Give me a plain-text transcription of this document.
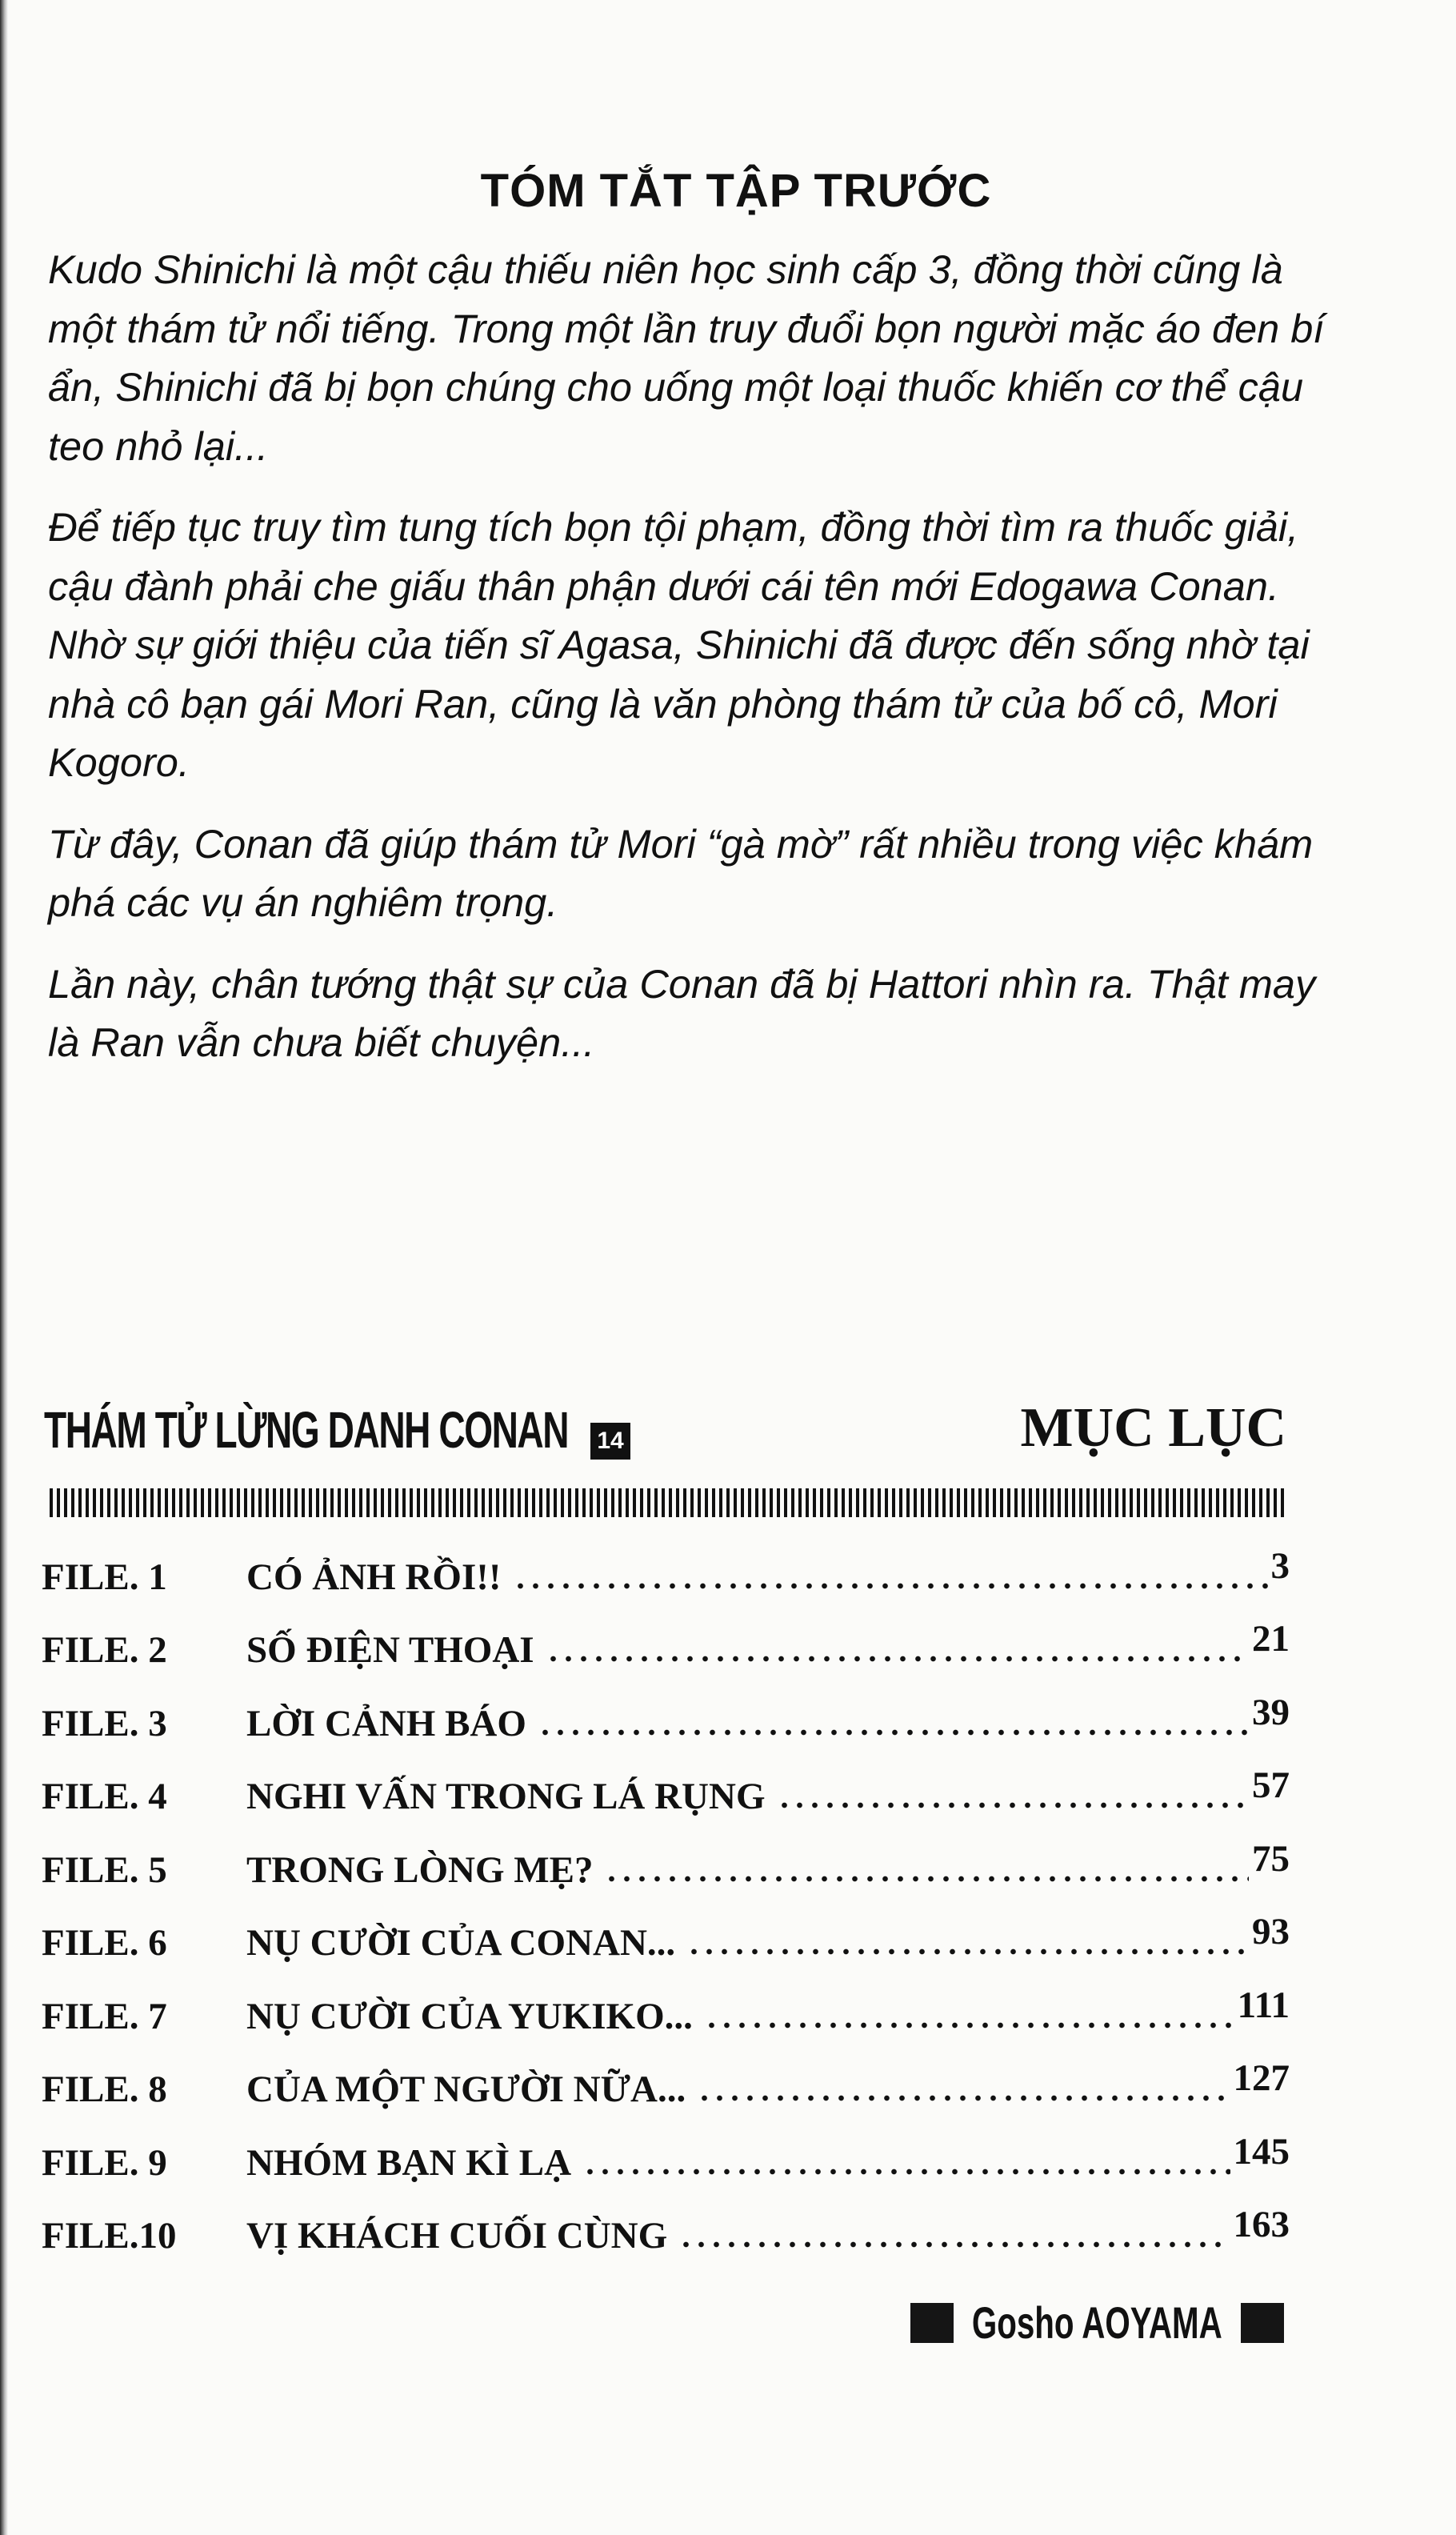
TÓM TẮT TẬP TRƯỚC

Kudo Shinichi là một cậu thiếu niên học sinh cấp 3, đồng thời cũng là một thám tử nổi tiếng. Trong một lần truy đuổi bọn người mặc áo đen bí ẩn, Shinichi đã bị bọn chúng cho uống một loại thuốc khiến cơ thể cậu teo nhỏ lại...

Để tiếp tục truy tìm tung tích bọn tội phạm, đồng thời tìm ra thuốc giải, cậu đành phải che giấu thân phận dưới cái tên mới Edogawa Conan. Nhờ sự giới thiệu của tiến sĩ Agasa, Shinichi đã được đến sống nhờ tại nhà cô bạn gái Mori Ran, cũng là văn phòng thám tử của bố cô, Mori Kogoro.

Từ đây, Conan đã giúp thám tử Mori “gà mờ” rất nhiều trong việc khám phá các vụ án nghiêm trọng.

Lần này, chân tướng thật sự của Conan đã bị Hattori nhìn ra. Thật may là Ran vẫn chưa biết chuyện...

THÁM TỬ LỪNG DANH CONAN 14	MỤC LỤC
FILE. 1	CÓ ẢNH RỒI!!	3
FILE. 2	SỐ ĐIỆN THOẠI	21
FILE. 3	LỜI CẢNH BÁO	39
FILE. 4	NGHI VẤN TRONG LÁ RỤNG	57
FILE. 5	TRONG LÒNG MẸ?	75
FILE. 6	NỤ CƯỜI CỦA CONAN...	93
FILE. 7	NỤ CƯỜI CỦA YUKIKO...	111
FILE. 8	CỦA MỘT NGƯỜI NỮA...	127
FILE. 9	NHÓM BẠN KÌ LẠ	145
FILE.10	VỊ KHÁCH CUỐI CÙNG	163
Gosho AOYAMA
